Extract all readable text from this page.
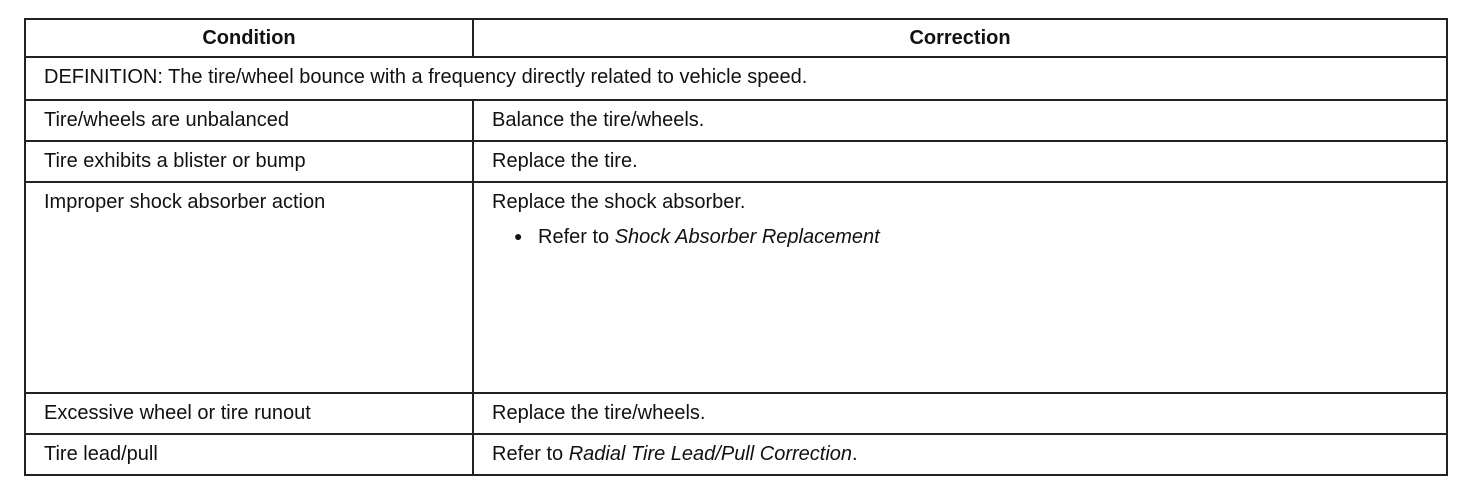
Condition	Correction
DEFINITION: The tire/wheel bounce with a frequency directly related to vehicle speed.	
Tire/wheels are unbalanced	Balance the tire/wheels.
Tire exhibits a blister or bump	Replace the tire.
Improper shock absorber action	Replace the shock absorber.
● Refer to Shock Absorber Replacement

Excessive wheel or tire runout	Replace the tire/wheels.
Tire lead/pull	Refer to Radial Tire Lead/Pull Correction.
